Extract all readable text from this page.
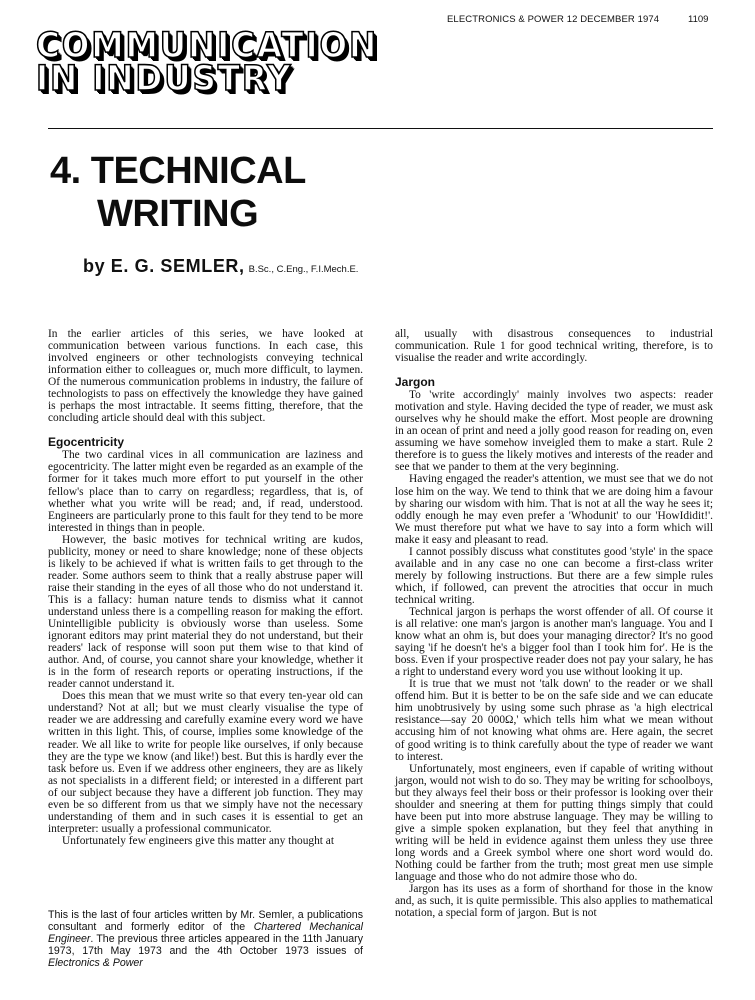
ELECTRONICS & POWER 12 DECEMBER 1974	1109
COMMUNICATION
IN INDUSTRY
4. TECHNICAL
WRITING
by E. G. SEMLER, B.Sc., C.Eng., F.I.Mech.E.

In the earlier articles of this series, we have looked at communication between various functions. In each case, this involved engineers or other technologists conveying technical information either to colleagues or, much more difficult, to laymen. Of the numerous communication problems in industry, the failure of technologists to pass on effectively the knowledge they have gained is perhaps the most intractable. It seems fitting, therefore, that the concluding article should deal with this subject.

Egocentricity

The two cardinal vices in all communication are laziness and egocentricity. The latter might even be regarded as an example of the former for it takes much more effort to put yourself in the other fellow's place than to carry on regardless; regardless, that is, of whether what you write will be read; and, if read, understood. Engineers are particularly prone to this fault for they tend to be more interested in things than in people.

However, the basic motives for technical writing are kudos, publicity, money or need to share knowledge; none of these objects is likely to be achieved if what is written fails to get through to the reader. Some authors seem to think that a really abstruse paper will raise their standing in the eyes of all those who do not understand it. This is a fallacy: human nature tends to dismiss what it cannot understand unless there is a compelling reason for making the effort. Unintelligible publicity is obviously worse than useless. Some ignorant editors may print material they do not understand, but their readers' lack of response will soon put them wise to that kind of author. And, of course, you cannot share your knowledge, whether it is in the form of research reports or operating instructions, if the reader cannot understand it.

Does this mean that we must write so that every ten-year old can understand? Not at all; but we must clearly visualise the type of reader we are addressing and carefully examine every word we have written in this light. This, of course, implies some knowledge of the reader. We all like to write for people like ourselves, if only because they are the type we know (and like!) best. But this is hardly ever the task before us. Even if we address other engineers, they are as likely as not specialists in a different field; or interested in a different part of our subject because they have a different job function. They may even be so different from us that we simply have not the necessary understanding of them and in such cases it is essential to get an interpreter: usually a professional communicator.

Unfortunately few engineers give this matter any thought at

This is the last of four articles written by Mr. Semler, a publications consultant and formerly editor of the Chartered Mechanical Engineer. The previous three articles appeared in the 11th January 1973, 17th May 1973 and the 4th October 1973 issues of Electronics & Power

all, usually with disastrous consequences to industrial communication. Rule 1 for good technical writing, therefore, is to visualise the reader and write accordingly.

Jargon

To 'write accordingly' mainly involves two aspects: reader motivation and style. Having decided the type of reader, we must ask ourselves why he should make the effort. Most people are drowning in an ocean of print and need a jolly good reason for reading on, even assuming we have somehow inveigled them to make a start. Rule 2 therefore is to guess the likely motives and interests of the reader and see that we pander to them at the very beginning.

Having engaged the reader's attention, we must see that we do not lose him on the way. We tend to think that we are doing him a favour by sharing our wisdom with him. That is not at all the way he sees it; oddly enough he may even prefer a 'Whodunit' to our 'HowIdidit!'. We must therefore put what we have to say into a form which will make it easy and pleasant to read.

I cannot possibly discuss what constitutes good 'style' in the space available and in any case no one can become a first-class writer merely by following instructions. But there are a few simple rules which, if followed, can prevent the atrocities that occur in much technical writing.

Technical jargon is perhaps the worst offender of all. Of course it is all relative: one man's jargon is another man's language. You and I know what an ohm is, but does your managing director? It's no good saying 'if he doesn't he's a bigger fool than I took him for'. He is the boss. Even if your prospective reader does not pay your salary, he has a right to understand every word you use without looking it up.

It is true that we must not 'talk down' to the reader or we shall offend him. But it is better to be on the safe side and we can educate him unobtrusively by using some such phrase as 'a high electrical resistance—say 20 000Ω,' which tells him what we mean without accusing him of not knowing what ohms are. Here again, the secret of good writing is to think carefully about the type of reader we want to interest.

Unfortunately, most engineers, even if capable of writing without jargon, would not wish to do so. They may be writing for schoolboys, but they always feel their boss or their professor is looking over their shoulder and sneering at them for putting things simply that could have been put into more abstruse language. They may be willing to give a simple spoken explanation, but they feel that anything in writing will be held in evidence against them unless they use three long words and a Greek symbol where one short word would do. Nothing could be farther from the truth; most great men use simple language and those who do not admire those who do.

Jargon has its uses as a form of shorthand for those in the know and, as such, it is quite permissible. This also applies to mathematical notation, a special form of jargon. But is not
